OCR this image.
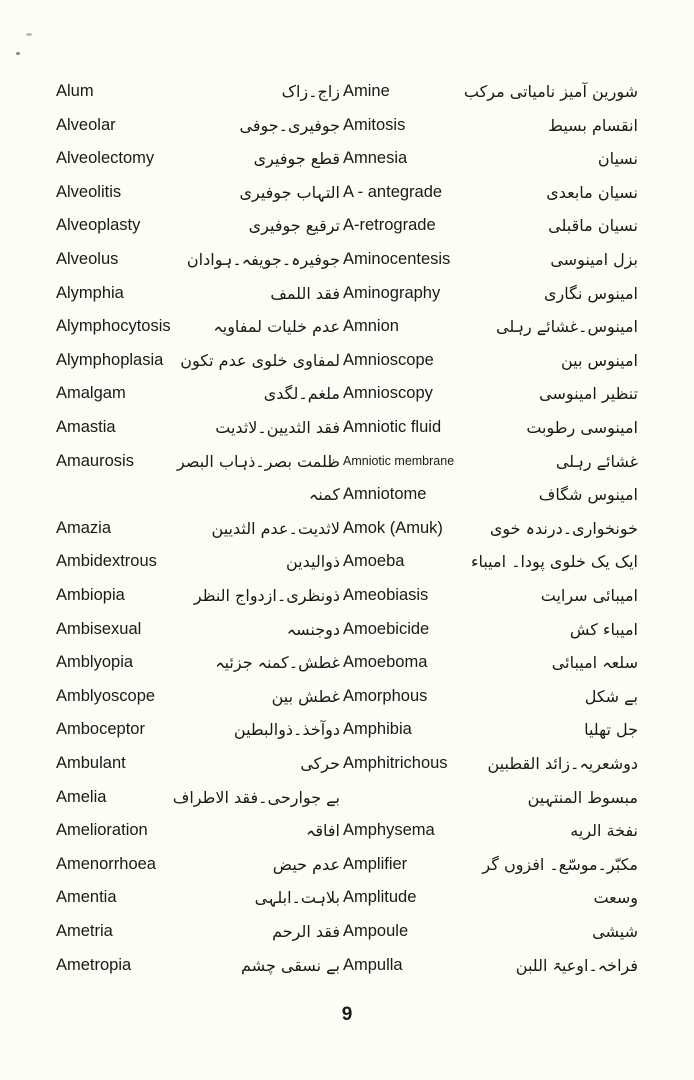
Alum	زاج۔زاک Amine	شورین آمیز نامیاتی مرکب
Alveolar	جوفیری۔جوفی Amitosis	انقسام بسیط
Alveolectomy	قطع جوفیری Amnesia	نسیان
Alveolitis	التہاب جوفیری A - antegrade	نسیان مابعدی
Alveoplasty	ترقیع جوفیری A-retrograde	نسیان ماقبلی
Alveolus	جوفیرہ۔جویفہ۔ہوادان Aminocentesis	بزل امینوسی
Alymphia	فقد اللمف Aminography	امینوس نگاری
Alymphocytosis	عدم خلیات لمفاویہ Amnion	امینوس۔غشائے رہلی
Alymphoplasia	لمفاوی خلوی عدم تکون Amnioscope	امینوس بین
Amalgam	ملغم۔لگدی Amnioscopy	تنظیر امینوسی
Amastia	فقد الثدیین۔لاثدیت Amniotic fluid	امینوسی رطوبت
Amaurosis	ظلمت بصر۔ذہاب البصر Amniotic membrane	غشائے رہلی
کمنہ Amniotome	امینوس شگاف
Amazia	لاثدیت۔عدم الثدیین Amok (Amuk)	خونخواری۔درندہ خوی
Ambidextrous	ذوالیدین Amoeba	ایک یک خلوی پودا۔ امیباء
Ambiopia	ذونظری۔ازدواج النظر Ameobiasis	امیبائی سرایت
Ambisexual	دوجنسہ Amoebicide	امیباء کش
Amblyopia	غطش۔کمنہ جزئیہ Amoeboma	سلعہ امیبائی
Amblyoscope	غطش بین Amorphous	بے شکل
Amboceptor	دوآخذ۔ذوالبطین Amphibia	جل تھلیا
Ambulant	حرکی Amphitrichous	دوشعریہ۔زائد القطبین
Amelia	بے جوارحی۔فقد الاطراف	مبسوط المنتہین
Amelioration	افاقہ Amphysema	نفخة الريه
Amenorrhoea	عدم حیض Amplifier	مکبّر۔موسّع۔ افزوں گر
Amentia	بلاہت۔ابلہی Amplitude	وسعت
Ametria	فقد الرحم Ampoule	شیشی
Ametropia	بے نسقی چشم Ampulla	فراخہ۔اوعیۃ اللبن
9
